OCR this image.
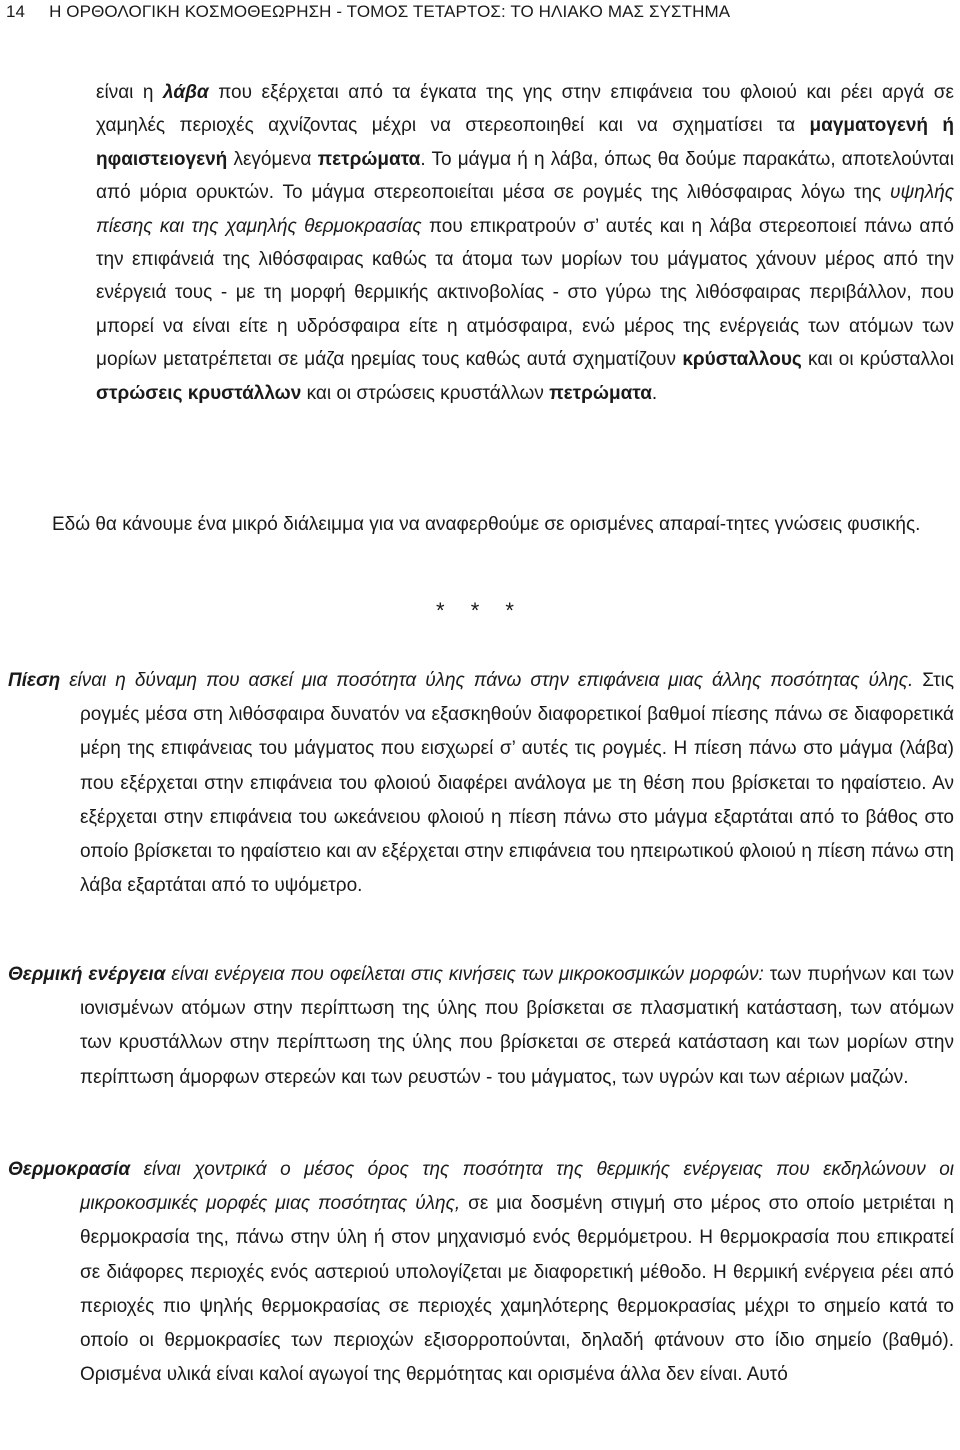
14 Η ΟΡΘΟΛΟΓΙΚΗ ΚΟΣΜΟΘΕΩΡΗΣΗ - ΤΟΜΟΣ ΤΕΤΑΡΤΟΣ: ΤΟ ΗΛΙΑΚΟ ΜΑΣ ΣΥΣΤΗΜΑ
είναι η λάβα που εξέρχεται από τα έγκατα της γης στην επιφάνεια του φλοιού και ρέει αργά σε χαμηλές περιοχές αχνίζοντας μέχρι να στερεοποιηθεί και να σχηματίσει τα μαγματογενή ή ηφαιστειογενή λεγόμενα πετρώματα. Το μάγμα ή η λάβα, όπως θα δούμε παρακάτω, αποτελούνται από μόρια ορυκτών. Το μάγμα στερεοποιείται μέσα σε ρογμές της λιθόσφαιρας λόγω της υψηλής πίεσης και της χαμηλής θερμοκρασίας που επικρατρούν σ’ αυτές και η λάβα στερεοποιεί πάνω από την επιφάνειά της λιθόσφαιρας καθώς τα άτομα των μορίων του μάγματος χάνουν μέρος από την ενέργειά τους - με τη μορφή θερμικής ακτινοβολίας - στο γύρω της λιθόσφαιρας περιβάλλον, που μπορεί να είναι είτε η υδρόσφαιρα είτε η ατμόσφαιρα, ενώ μέρος της ενέργειάς των ατόμων των μορίων μετατρέπεται σε μάζα ηρεμίας τους καθώς αυτά σχηματίζουν κρύσταλλους και οι κρύσταλλοι στρώσεις κρυστάλλων και οι στρώσεις κρυστάλλων πετρώματα.
Εδώ θα κάνουμε ένα μικρό διάλειμμα για να αναφερθούμε σε ορισμένες απαραί-τητες γνώσεις φυσικής.
* * *
Πίεση είναι η δύναμη που ασκεί μια ποσότητα ύλης πάνω στην επιφάνεια μιας άλλης ποσότητας ύλης. Στις ρογμές μέσα στη λιθόσφαιρα δυνατόν να εξασκηθούν διαφορετικοί βαθμοί πίεσης πάνω σε διαφορετικά μέρη της επιφάνειας του μάγματος που εισχωρεί σ’ αυτές τις ρογμές. Η πίεση πάνω στο μάγμα (λάβα) που εξέρχεται στην επιφάνεια του φλοιού διαφέρει ανάλογα με τη θέση που βρίσκεται το ηφαίστειο. Αν εξέρχεται στην επιφάνεια του ωκεάνειου φλοιού η πίεση πάνω στο μάγμα εξαρτάται από το βάθος στο οποίο βρίσκεται το ηφαίστειο και αν εξέρχεται στην επιφάνεια του ηπειρωτικού φλοιού η πίεση πάνω στη λάβα εξαρτάται από το υψόμετρο.
Θερμική ενέργεια είναι ενέργεια που οφείλεται στις κινήσεις των μικροκοσμικών μορφών: των πυρήνων και των ιονισμένων ατόμων στην περίπτωση της ύλης που βρίσκεται σε πλασματική κατάσταση, των ατόμων των κρυστάλλων στην περίπτωση της ύλης που βρίσκεται σε στερεά κατάσταση και των μορίων στην περίπτωση άμορφων στερεών και των ρευστών - του μάγματος, των υγρών και των αέριων μαζών.
Θερμοκρασία είναι χοντρικά ο μέσος όρος της ποσότητα της θερμικής ενέργειας που εκδηλώνουν οι μικροκοσμικές μορφές μιας ποσότητας ύλης, σε μια δοσμένη στιγμή στο μέρος στο οποίο μετριέται η θερμοκρασία της, πάνω στην ύλη ή στον μηχανισμό ενός θερμόμετρου. Η θερμοκρασία που επικρατεί σε διάφορες περιοχές ενός αστεριού υπολογίζεται με διαφορετική μέθοδο. Η θερμική ενέργεια ρέει από περιοχές πιο ψηλής θερμοκρασίας σε περιοχές χαμηλότερης θερμοκρασίας μέχρι το σημείο κατά το οποίο οι θερμοκρασίες των περιοχών εξισορροπούνται, δηλαδή φτάνουν στο ίδιο σημείο (βαθμό). Ορισμένα υλικά είναι καλοί αγωγοί της θερμότητας και ορισμένα άλλα δεν είναι. Αυτό
